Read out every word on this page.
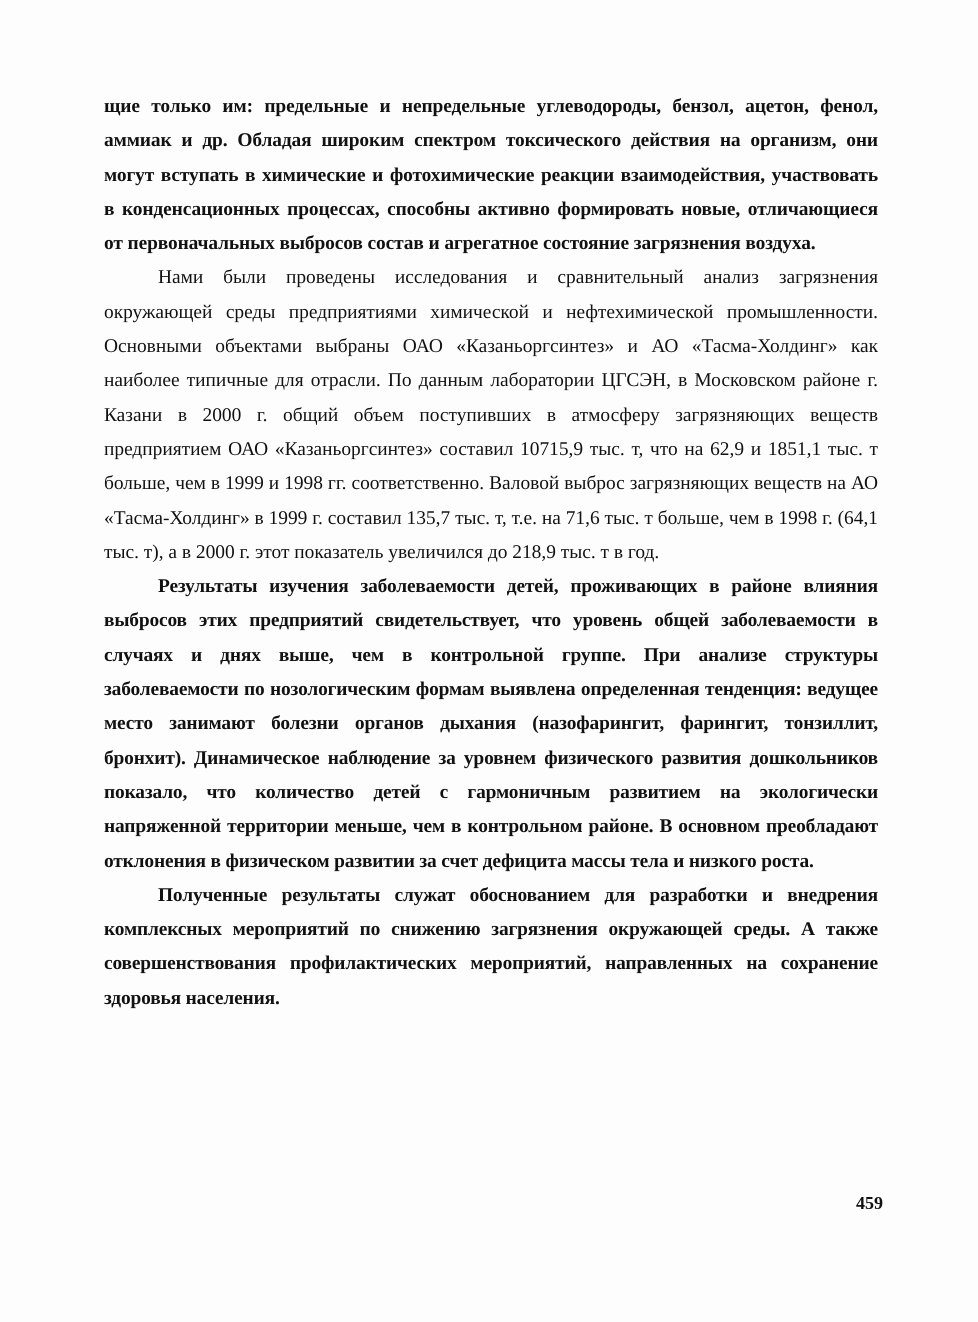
щие только им: предельные и непредельные углеводороды, бензол, ацетон, фенол, аммиак и др. Обладая широким спектром токсического действия на организм, они могут вступать в химические и фотохимические реакции взаимодействия, участвовать в конденсационных процессах, способны активно формировать новые, отличающиеся от первоначальных выбросов состав и агрегатное состояние загрязнения воздуха.

Нами были проведены исследования и сравнительный анализ загрязнения окружающей среды предприятиями химической и нефтехимической промышленности. Основными объектами выбраны ОАО «Казаньоргсинтез» и АО «Тасма-Холдинг» как наиболее типичные для отрасли. По данным лаборатории ЦГСЭН, в Московском районе г. Казани в 2000 г. общий объем поступивших в атмосферу загрязняющих веществ предприятием ОАО «Казаньоргсинтез» составил 10715,9 тыс. т, что на 62,9 и 1851,1 тыс. т больше, чем в 1999 и 1998 гг. соответственно. Валовой выброс загрязняющих веществ на АО «Тасма-Холдинг» в 1999 г. составил 135,7 тыс. т, т.е. на 71,6 тыс. т больше, чем в 1998 г. (64,1 тыс. т), а в 2000 г. этот показатель увеличился до 218,9 тыс. т в год.

Результаты изучения заболеваемости детей, проживающих в районе влияния выбросов этих предприятий свидетельствует, что уровень общей заболеваемости в случаях и днях выше, чем в контрольной группе. При анализе структуры заболеваемости по нозологическим формам выявлена определенная тенденция: ведущее место занимают болезни органов дыхания (назофарингит, фарингит, тонзиллит, бронхит). Динамическое наблюдение за уровнем физического развития дошкольников показало, что количество детей с гармоничным развитием на экологически напряженной территории меньше, чем в контрольном районе. В основном преобладают отклонения в физическом развитии за счет дефицита массы тела и низкого роста.

Полученные результаты служат обоснованием для разработки и внедрения комплексных мероприятий по снижению загрязнения окружающей среды. А также совершенствования профилактических мероприятий, направленных на сохранение здоровья населения.

459
